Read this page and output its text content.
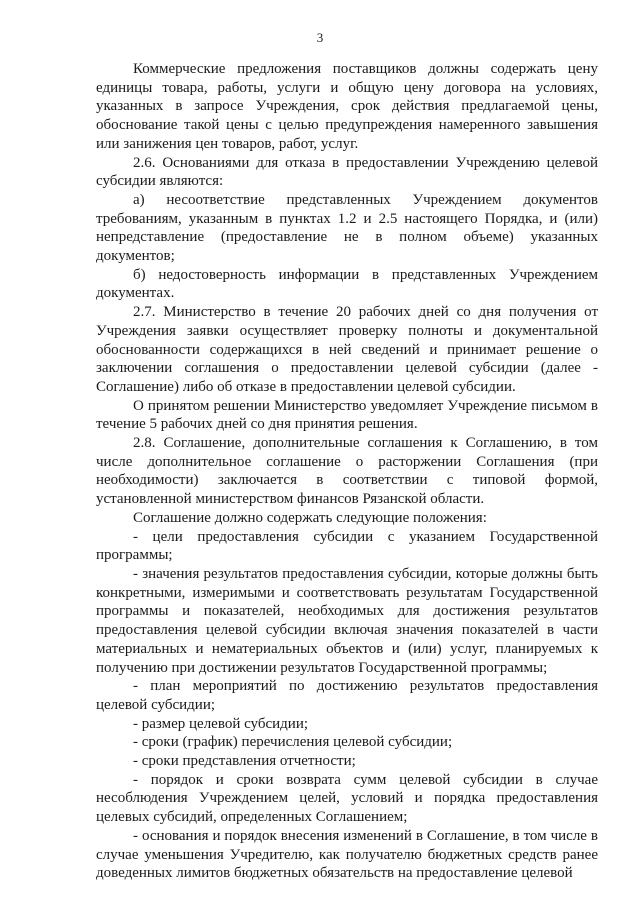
3

Коммерческие предложения поставщиков должны содержать цену единицы товара, работы, услуги и общую цену договора на условиях, указанных в запросе Учреждения, срок действия предлагаемой цены, обоснование такой цены с целью предупреждения намеренного завышения или занижения цен товаров, работ, услуг.

2.6. Основаниями для отказа в предоставлении Учреждению целевой субсидии являются:

а) несоответствие представленных Учреждением документов требованиям, указанным в пунктах 1.2 и 2.5 настоящего Порядка, и (или) непредставление (предоставление не в полном объеме) указанных документов;

б) недостоверность информации в представленных Учреждением документах.

2.7. Министерство в течение 20 рабочих дней со дня получения от Учреждения заявки осуществляет проверку полноты и документальной обоснованности содержащихся в ней сведений и принимает решение о заключении соглашения о предоставлении целевой субсидии (далее - Соглашение) либо об отказе в предоставлении целевой субсидии.

О принятом решении Министерство уведомляет Учреждение письмом в течение 5 рабочих дней со дня принятия решения.

2.8. Соглашение, дополнительные соглашения к Соглашению, в том числе дополнительное соглашение о расторжении Соглашения (при необходимости) заключается в соответствии с типовой формой, установленной министерством финансов Рязанской области.

Соглашение должно содержать следующие положения:

- цели предоставления субсидии с указанием Государственной программы;

- значения результатов предоставления субсидии, которые должны быть конкретными, измеримыми и соответствовать результатам Государственной программы и показателей, необходимых для достижения результатов предоставления целевой субсидии включая значения показателей в части материальных и нематериальных объектов и (или) услуг, планируемых к получению при достижении результатов Государственной программы;

- план мероприятий по достижению результатов предоставления целевой субсидии;

- размер целевой субсидии;

- сроки (график) перечисления целевой субсидии;

- сроки представления отчетности;

- порядок и сроки возврата сумм целевой субсидии в случае несоблюдения Учреждением целей, условий и порядка предоставления целевых субсидий, определенных Соглашением;

- основания и порядок внесения изменений в Соглашение, в том числе в случае уменьшения Учредителю, как получателю бюджетных средств ранее доведенных лимитов бюджетных обязательств на предоставление целевой
